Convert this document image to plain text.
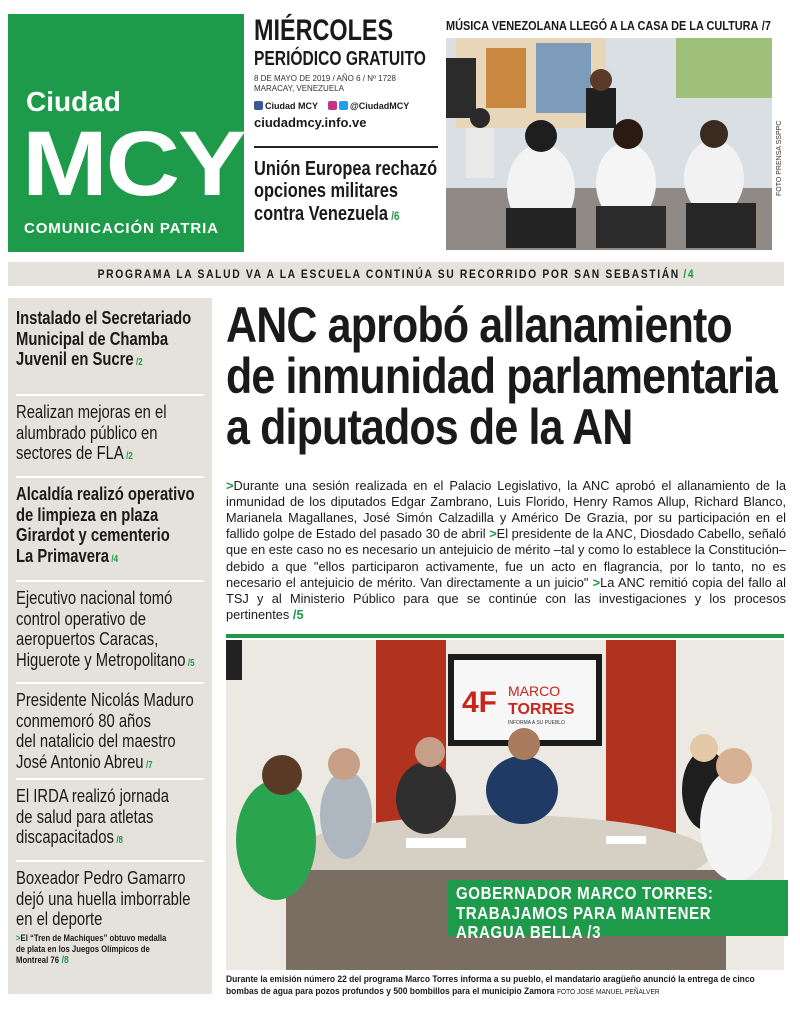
Ciudad
MCY
COMUNICACIÓN PATRIA
MIÉRCOLES
PERIÓDICO GRATUITO
8 DE MAYO DE 2019 / AÑO 6 / Nº 1728
MARACAY, VENEZUELA
Ciudad MCY	@CiudadMCY
ciudadmcy.info.ve
Unión Europea rechazó opciones militares contra Venezuela /6
MÚSICA VENEZOLANA LLEGÓ A LA CASA DE LA CULTURA /7
FOTO PRENSA SSPPC
PROGRAMA LA SALUD VA A LA ESCUELA CONTINÚA SU RECORRIDO POR SAN SEBASTIÁN /4
Instalado el Secretariado
Municipal de Chamba
Juvenil en Sucre /2
Realizan mejoras en el
alumbrado público en
sectores de FLA /2
Alcaldía realizó operativo
de limpieza en plaza
Girardot y cementerio
La Primavera /4
Ejecutivo nacional tomó
control operativo de
aeropuertos Caracas,
Higuerote y Metropolitano /5
Presidente Nicolás Maduro
conmemoró 80 años
del natalicio del maestro
José Antonio Abreu /7
El IRDA realizó jornada
de salud para atletas
discapacitados /8
Boxeador Pedro Gamarro
dejó una huella imborrable
en el deporte
>El “Tren de Machiques” obtuvo medalla
de plata en los Juegos Olímpicos de
Montreal 76 /8
ANC aprobó allanamiento de inmunidad parlamentaria a diputados de la AN
>Durante una sesión realizada en el Palacio Legislativo, la ANC aprobó el allanamiento de la inmunidad de los diputados Edgar Zambrano, Luis Florido, Henry Ramos Allup, Richard Blanco, Marianela Magallanes, José Simón Calzadilla y Américo De Grazia, por su participación en el fallido golpe de Estado del pasado 30 de abril >El presidente de la ANC, Diosdado Cabello, señaló que en este caso no es necesario un antejuicio de mérito –tal y como lo establece la Constitución– debido a que "ellos participaron activamente, fue un acto en flagrancia, por lo tanto, no es necesario el antejuicio de mérito. Van directamente a un juicio" >La ANC remitió copia del fallo al TSJ y al Ministerio Público para que se continúe con las investigaciones y los procesos pertinentes /5
4F MARCO
TORRES
INFORMA A SU PUEBLO
GOBERNADOR MARCO TORRES: TRABAJAMOS PARA MANTENER ARAGUA BELLA /3
Durante la emisión número 22 del programa Marco Torres informa a su pueblo, el mandatario aragüeño anunció la entrega de cinco bombas de agua para pozos profundos y 500 bombillos para el municipio Zamora FOTO JOSÉ MANUEL PEÑALVER
